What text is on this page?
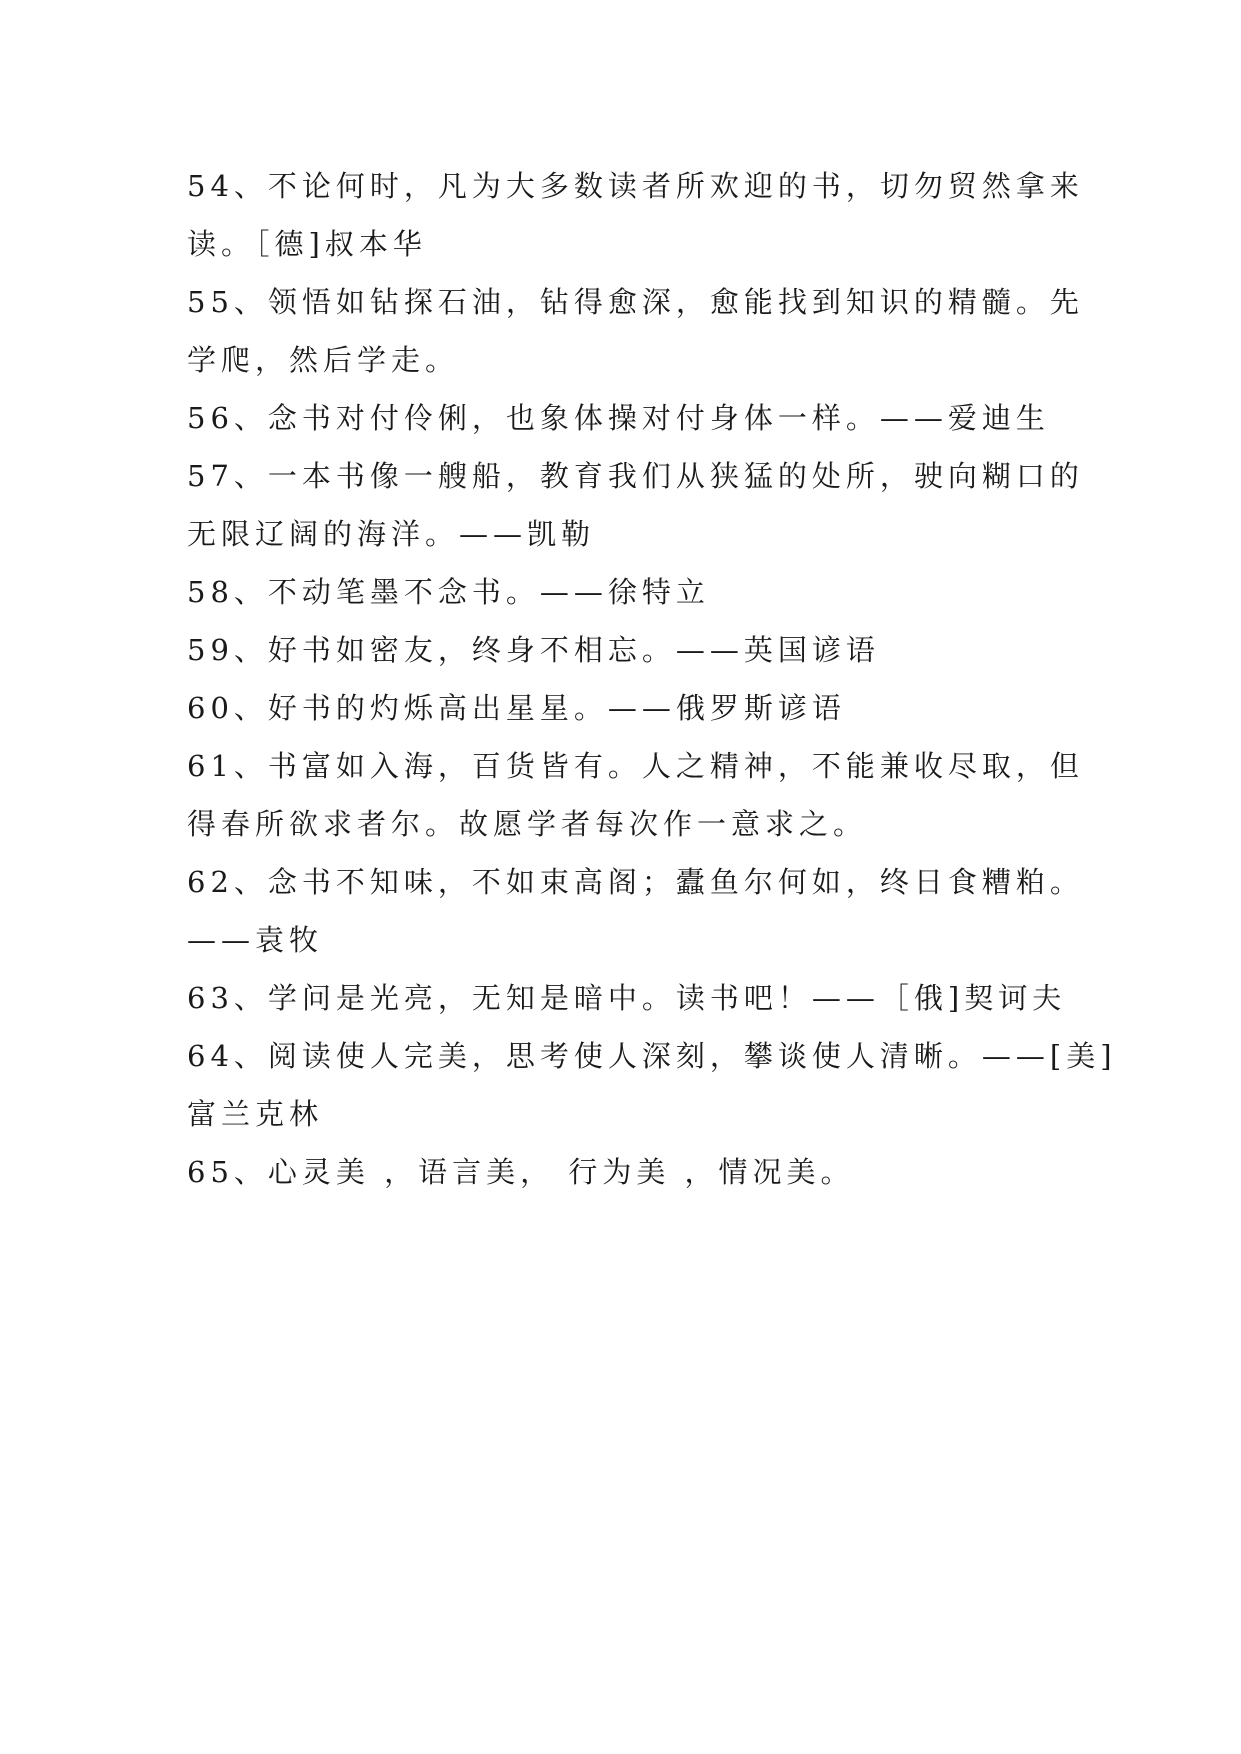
54、不论何时，凡为大多数读者所欢迎的书，切勿贸然拿来
读。［德]叔本华
55、领悟如钻探石油，钻得愈深，愈能找到知识的精髓。先
学爬，然后学走。
56、念书对付伶俐，也象体操对付身体一样。——爱迪生
57、一本书像一艘船，教育我们从狭猛的处所，驶向糊口的
无限辽阔的海洋。——凯勒
58、不动笔墨不念书。——徐特立
59、好书如密友，终身不相忘。——英国谚语
60、好书的灼烁高出星星。——俄罗斯谚语
61、书富如入海，百货皆有。人之精神，不能兼收尽取，但
得春所欲求者尔。故愿学者每次作一意求之。
62、念书不知味，不如束高阁；蠹鱼尔何如，终日食糟粕。
——袁牧
63、学问是光亮，无知是暗中。读书吧！——［俄]契诃夫
64、阅读使人完美，思考使人深刻，攀谈使人清晰。——[美]
富兰克林
65、心灵美 ，语言美， 行为美 ，情况美。
